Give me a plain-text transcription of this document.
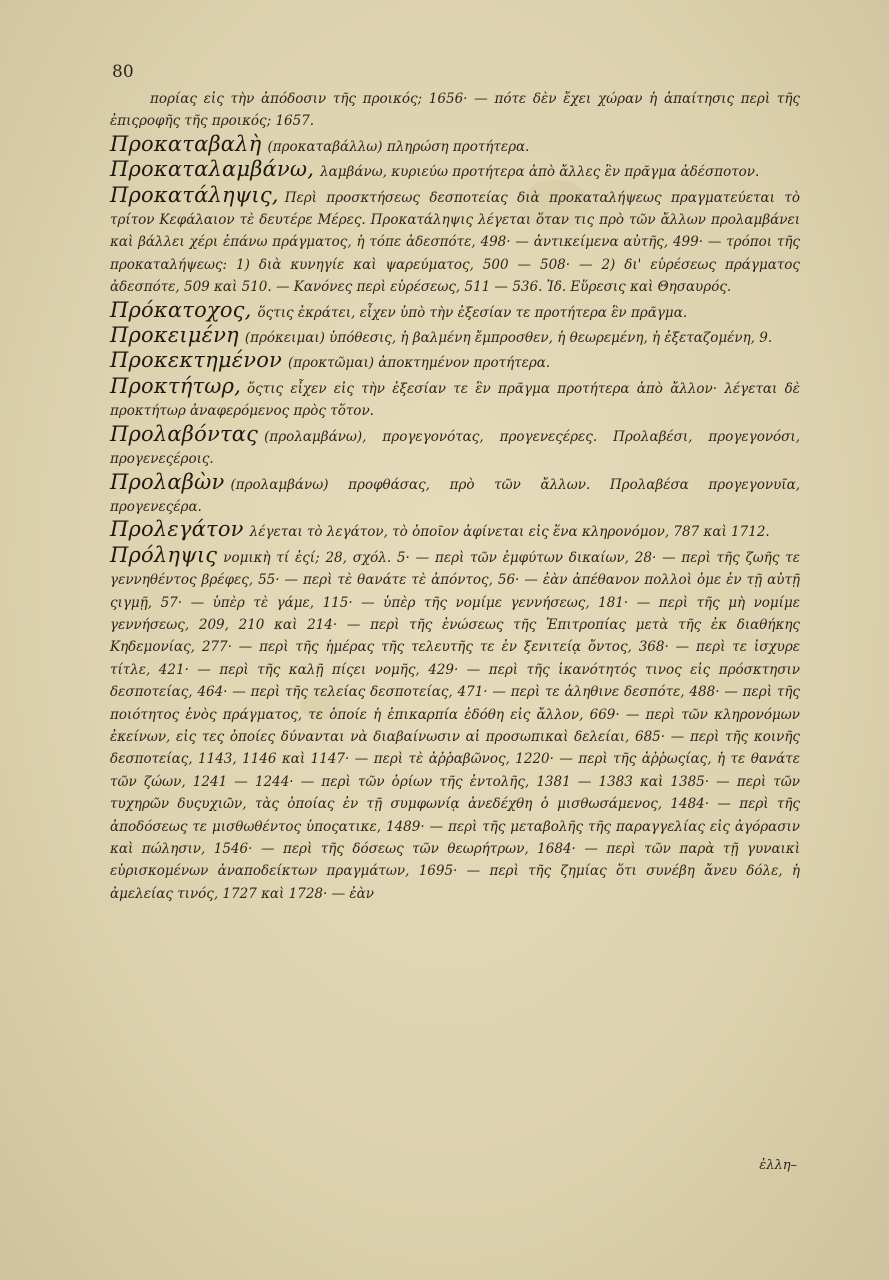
80

πορίας εἰς τὴν ἀπόδοσιν τῆς προικός; 1656· — πότε δὲν ἔχει χώραν ἡ ἀπαίτησις περὶ τῆς ἐπιςροφῆς τῆς προικός; 1657.

Προκαταβαλὴ (προκαταβάλλω) πληρώση προτήτερα.

Προκαταλαμβάνω, λαμβάνω, κυριεύω προτήτερα ἀπὸ ἄλλες ἓν πρᾶγμα ἀδέσποτον.

Προκατάληψις, Περὶ προσκτήσεως δεσποτείας διὰ προκαταλήψεως πραγματεύεται τὸ τρίτον Κεφάλαιον τὲ δευτέρε Μέρες. Προκατάληψις λέγεται ὅταν τις πρὸ τῶν ἄλλων προλαμβάνει καὶ βάλλει χέρι ἐπάνω πράγματος, ἡ τόπε ἀδεσπότε, 498· — ἀντικείμενα αὐτῆς, 499· — τρόποι τῆς προκαταλήψεως: 1) διὰ κυνηγίε καὶ ψαρεύματος, 500 — 508· — 2) δι' εὑρέσεως πράγματος ἀδεσπότε, 509 καὶ 510. — Κανόνες περὶ εὑρέσεως, 511 — 536. Ἰδ. Εὕρεσις καὶ Θησαυρός.

Πρόκατοχος, ὅςτις ἐκράτει, εἶχεν ὑπὸ τὴν ἐξεσίαν τε προτήτερα ἓν πρᾶγμα.

Προκειμένη (πρόκειμαι) ὑπόθεσις, ἡ βαλμένη ἔμπροσθεν, ἡ θεωρεμένη, ἡ ἐξεταζομένη, 9.

Προκεκτημένον (προκτῶμαι) ἀποκτημένον προτήτερα.

Προκτήτωρ, ὅςτις εἶχεν εἰς τὴν ἐξεσίαν τε ἓν πρᾶγμα προτήτερα ἀπὸ ἄλλον· λέγεται δὲ προκτήτωρ ἀναφερόμενος πρὸς τὅτον.

Προλαβόντας (προλαμβάνω), προγεγονότας, προγενεςέρες. Προλαβέσι, προγεγονόσι, προγενεςέροις.

Προλαβὼν (προλαμβάνω) προφθάσας, πρὸ τῶν ἄλλων. Προλαβέσα προγεγονυῖα, προγενεςέρα.

Προλεγάτον λέγεται τὸ λεγάτον, τὸ ὁποῖον ἀφίνεται εἰς ἕνα κληρονόμον, 787 καὶ 1712.

Πρόληψις νομικὴ τί ἐςί; 28, σχόλ. 5· — περὶ τῶν ἐμφύτων δικαίων, 28· — περὶ τῆς ζωῆς τε γεννηθέντος βρέφες, 55· — περὶ τὲ θανάτε τὲ ἀπόντος, 56· — ἐὰν ἀπέθανον πολλοὶ ὁμε ἐν τῇ αὐτῇ ςιγμῇ, 57· — ὑπὲρ τὲ γάμε, 115· — ὑπὲρ τῆς νομίμε γεννήσεως, 181· — περὶ τῆς μὴ νομίμε γεννήσεως, 209, 210 καὶ 214· — περὶ τῆς ἑνώσεως τῆς Ἐπιτροπίας μετὰ τῆς ἐκ διαθήκης Κηδεμονίας, 277· — περὶ τῆς ἡμέρας τῆς τελευτῆς τε ἐν ξενιτείᾳ ὄντος, 368· — περὶ τε ἰσχυρε τίτλε, 421· — περὶ τῆς καλῇ πίςει νομῆς, 429· — περὶ τῆς ἱκανότητός τινος εἰς πρόσκτησιν δεσποτείας, 464· — περὶ τῆς τελείας δεσποτείας, 471· — περὶ τε ἀληθινε δεσπότε, 488· — περὶ τῆς ποιότητος ἑνὸς πράγματος, τε ὁποίε ἡ ἐπικαρπία ἐδόθη εἰς ἄλλον, 669· — περὶ τῶν κληρονόμων ἐκείνων, εἰς τες ὁποίες δύνανται νὰ διαβαίνωσιν αἱ προσωπικαὶ δελείαι, 685· — περὶ τῆς κοινῆς δεσποτείας, 1143, 1146 καὶ 1147· — περὶ τὲ ἀῤῥαβῶνος, 1220· — περὶ τῆς ἀῤῥωςίας, ἡ τε θανάτε τῶν ζώων, 1241 — 1244· — περὶ τῶν ὁρίων τῆς ἐντολῆς, 1381 — 1383 καὶ 1385· — περὶ τῶν τυχηρῶν δυςυχιῶν, τὰς ὁποίας ἐν τῇ συμφωνίᾳ ἀνεδέχθη ὁ μισθωσάμενος, 1484· — περὶ τῆς ἀποδόσεως τε μισθωθέντος ὑποςατικε, 1489· — περὶ τῆς μεταβολῆς τῆς παραγγελίας εἰς ἀγόρασιν καὶ πώλησιν, 1546· — περὶ τῆς δόσεως τῶν θεωρήτρων, 1684· — περὶ τῶν παρὰ τῇ γυναικὶ εὑρισκομένων ἀναποδείκτων πραγμάτων, 1695· — περὶ τῆς ζημίας ὅτι συνέβη ἄνευ δόλε, ἡ ἀμελείας τινός, 1727 καὶ 1728· — ἐὰν

ἐλλη–
